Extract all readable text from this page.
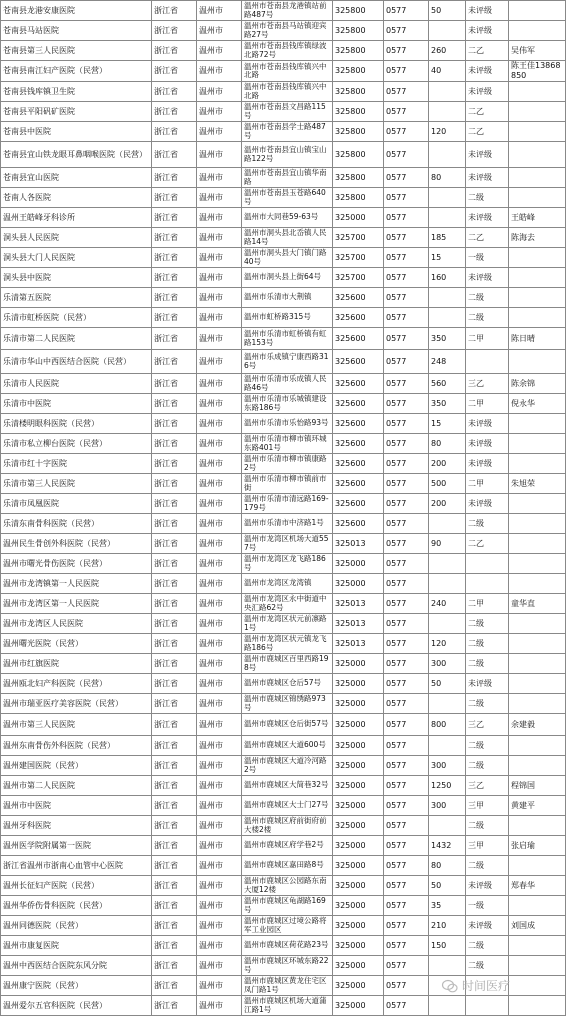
苍南县龙港安康医院	浙江省	温州市	温州市苍南县龙港镇站前路487号	325800	0577	50	未评级	
苍南县马站医院	浙江省	温州市	温州市苍南县马站镇迎宾路27号	325800	0577		未评级	
苍南县第三人民医院	浙江省	温州市	温州市苍南县钱库镇绿波北路72号	325800	0577	260	二乙	吴伟军
苍南县南江妇产医院（民营）	浙江省	温州市	温州市苍南县钱库镇兴中北路	325800	0577	40	未评级	陈王佳13868850
苍南县钱库镇卫生院	浙江省	温州市	温州市苍南县钱库镇兴中北路	325800	0577		未评级	
苍南县平阳矾矿医院	浙江省	温州市	温州市苍南县文昌路115号	325800	0577		二乙	
苍南县中医院	浙江省	温州市	温州市苍南县学士路487号	325800	0577	120	二乙	
苍南县宜山铁龙眼耳鼻咽喉医院（民营）	浙江省	温州市	温州市苍南县宜山镇宝山路122号	325800	0577		未评级	
苍南县宜山医院	浙江省	温州市	温州市苍南县宜山镇华南路	325800	0577	80	未评级	
苍南人各医院	浙江省	温州市	温州市苍南县玉苍路640号	325800	0577		二级	
温州王皓峰牙科诊所	浙江省	温州市	温州市大同巷59-63号	325000	0577		未评级	王皓峰
洞头县人民医院	浙江省	温州市	温州市洞头县北岙镇人民路14号	325700	0577	185	二乙	陈海去
洞头县大门人民医院	浙江省	温州市	温州市洞头县大门镇门路40号	325700	0577	15	一级	
洞头县中医院	浙江省	温州市	温州市洞头县上街64号	325700	0577	160	未评级	
乐清第五医院	浙江省	温州市	温州市乐清市大荆镇	325600	0577		二级	
乐清市虹桥医院（民营）	浙江省	温州市	温州市虹桥路315号	325600	0577		二级	
乐清市第二人民医院	浙江省	温州市	温州市乐清市虹桥镇有虹路153号	325600	0577	350	二甲	陈日晴
乐清市华山中西医结合医院（民营）	浙江省	温州市	温州市乐成镇宁康西路316号	325600	0577	248		
乐清市人民医院	浙江省	温州市	温州市乐清市乐成镇人民路46号	325600	0577	560	三乙	陈余锦
乐清市中医院	浙江省	温州市	温州市乐清市乐城镇建设东路186号	325600	0577	350	二甲	倪永华
乐清楼明眼科医院（民营）	浙江省	温州市	温州市乐清市乐怡路93号	325600	0577	15	未评级	
乐清市私立柳台医院（民营）	浙江省	温州市	温州市乐清市柳市镇环城东路401号	325600	0577	80	未评级	
乐清市红十字医院	浙江省	温州市	温州市乐清市柳市镇康路2号	325600	0577	200	未评级	
乐清市第三人民医院	浙江省	温州市	温州市乐清市柳市镇前市街	325600	0577	500	二甲	朱旭荣
乐清市凤凰医院	浙江省	温州市	温州市乐清市清远路169-179号	325600	0577	200	未评级	
乐清东南骨科医院（民营）	浙江省	温州市	温州市乐清市中济路1号	325600	0577		二级	
温州民生骨创外科医院（民营）	浙江省	温州市	温州市龙湾区机场大道557号	325013	0577	90	二乙	
温州市曙光骨伤医院（民营）	浙江省	温州市	温州市龙湾区龙飞路186号	325000	0577			
温州市龙湾镇第一人民医院	浙江省	温州市	温州市龙湾区龙湾镇	325000	0577			
温州市龙湾区第一人民医院	浙江省	温州市	温州市龙湾区永中街道中央汇路62号	325013	0577	240	二甲	童华直
温州市龙湾区人民医院	浙江省	温州市	温州市龙湾区状元前凛路1号	325013	0577		二级	
温州曙光医院（民营）	浙江省	温州市	温州市龙湾区状元镇龙飞路186号	325013	0577	120	二级	
温州市红旗医院	浙江省	温州市	温州市鹿城区百里西路198号	325000	0577	300	二级	
温州瓯北妇产科医院（民营）	浙江省	温州市	温州市鹿城区仓后57号	325000	0577	50	未评级	
温州市瑞亚医疗美容医院（民营）	浙江省	温州市	温州市鹿城区锦绣路973号	325000	0577		二级	
温州市第三人民医院	浙江省	温州市	温州市鹿城区仓后街57号	325000	0577	800	三乙	余建毅
温州东南骨伤外科医院（民营）	浙江省	温州市	温州市鹿城区大道600号	325000	0577		二级	
温州建国医院（民营）	浙江省	温州市	温州市鹿城区大道冷河路2号	325000	0577	300	二级	
温州市第二人民医院	浙江省	温州市	温州市鹿城区大简巷32号	325000	0577	1250	三乙	程锦国
温州市中医院	浙江省	温州市	温州市鹿城区大士门27号	325000	0577	300	三甲	黄建平
温州牙科医院	浙江省	温州市	温州市鹿城区府前街府前大楼2楼	325000	0577		二级	
温州医学院附属第一医院	浙江省	温州市	温州市鹿城区府学巷2号	325000	0577	1432	三甲	张启瑜
浙江省温州市浙南心血管中心医院	浙江省	温州市	温州市鹿城区嘉田路8号	325000	0577	80	二级	
温州长征妇产医院（民营）	浙江省	温州市	温州市鹿城区公园路东南大厦12楼	325000	0577	50	未评级	郑春华
温州华侨伤骨科医院（民营）	浙江省	温州市	温州市鹿城区龟湖路169号	325000	0577	35	一级	
温州同德医院（民营）	浙江省	温州市	温州市鹿城区过境公路将军工业园区	325000	0577	210	未评级	刘国成
温州市康复医院	浙江省	温州市	温州市鹿城区荷花路23号	325000	0577	150	二级	
温州中西医结合医院东风分院	浙江省	温州市	温州市鹿城区环城东路22号	325000	0577		二级	
温州康宁医院（民营）	浙江省	温州市	温州市鹿城区黄龙住宅区凤门路1号	325000	0577			
温州爱尔五官科医院（民营）	浙江省	温州市	温州市鹿城区机场大道蒲江路1号	325000	0577			
时间医疗
